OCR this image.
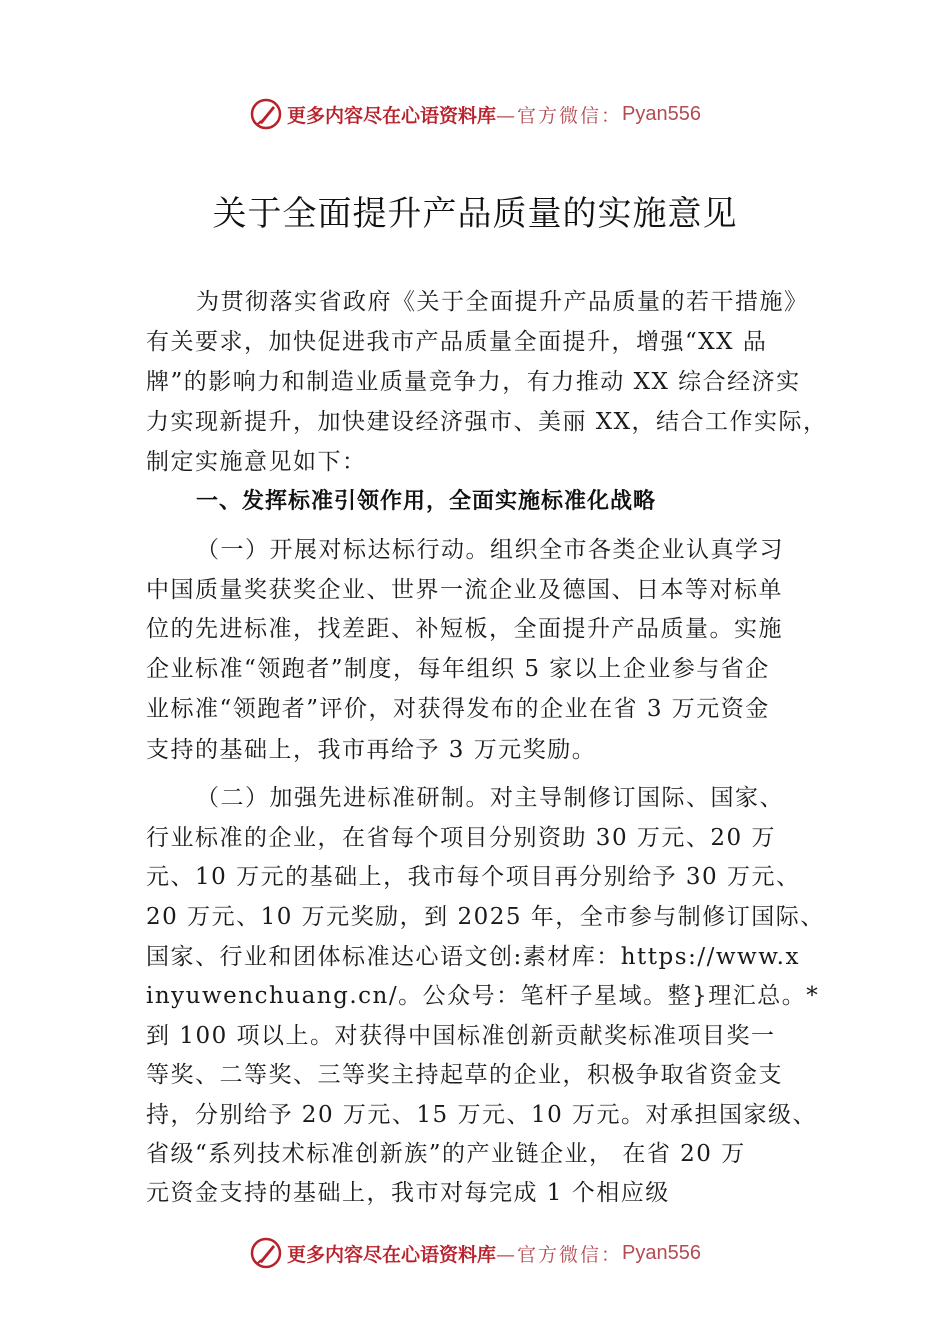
更多内容尽在心语资料库 —官方微信： Pyan556
关于全面提升产品质量的实施意见
为贯彻落实省政府《关于全面提升产品质量的若干措施》
有关要求，加快促进我市产品质量全面提升，增强“XX 品
牌”的影响力和制造业质量竞争力，有力推动 XX 综合经济实
力实现新提升，加快建设经济强市、美丽 XX，结合工作实际，
制定实施意见如下：
一、发挥标准引领作用，全面实施标准化战略
（一）开展对标达标行动。组织全市各类企业认真学习
中国质量奖获奖企业、世界一流企业及德国、日本等对标单
位的先进标准，找差距、补短板，全面提升产品质量。实施
企业标准“领跑者”制度，每年组织 5 家以上企业参与省企
业标准“领跑者”评价，对获得发布的企业在省 3 万元资金
支持的基础上，我市再给予 3 万元奖励。
（二）加强先进标准研制。对主导制修订国际、国家、
行业标准的企业，在省每个项目分别资助 30 万元、20 万
元、10 万元的基础上，我市每个项目再分别给予 30 万元、
20 万元、10 万元奖励，到 2025 年，全市参与制修订国际、
国家、行业和团体标准达心语文创:素材库：https://www.x
inyuwenchuang.cn/。公众号：笔杆子星域。整}理汇总。*
到 100 项以上。对获得中国标准创新贡献奖标准项目奖一
等奖、二等奖、三等奖主持起草的企业，积极争取省资金支
持，分别给予 20 万元、15 万元、10 万元。对承担国家级、
省级“系列技术标准创新族”的产业链企业， 在省 20 万
元资金支持的基础上，我市对每完成 1 个相应级
更多内容尽在心语资料库 —官方微信： Pyan556
